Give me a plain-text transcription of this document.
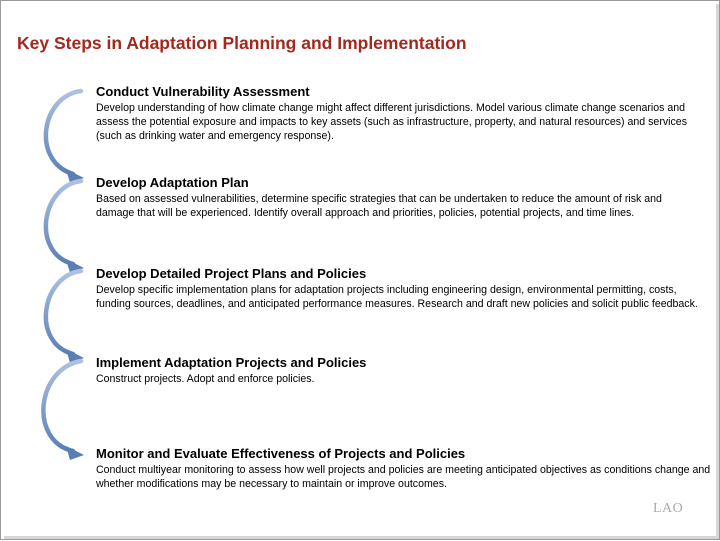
Key Steps in Adaptation Planning and Implementation
Conduct Vulnerability Assessment

Develop understanding of how climate change might affect different jurisdictions. Model various climate change scenarios and assess the potential exposure and impacts to key assets (such as infrastructure, property, and natural resources) and services (such as drinking water and emergency response).

Develop Adaptation Plan

Based on assessed vulnerabilities, determine specific strategies that can be undertaken to reduce the amount of risk and damage that will be experienced. Identify overall approach and priorities, policies, potential projects, and time lines.

Develop Detailed Project Plans and Policies

Develop specific implementation plans for adaptation projects including engineering design, environmental permitting, costs, funding sources, deadlines, and anticipated performance measures. Research and draft new policies and solicit public feedback.

Implement Adaptation Projects and Policies

Construct projects. Adopt and enforce policies.

Monitor and Evaluate Effectiveness of Projects and Policies

Conduct multiyear monitoring to assess how well projects and policies are meeting anticipated objectives as conditions change and whether modifications may be necessary to maintain or improve outcomes.

LAO
